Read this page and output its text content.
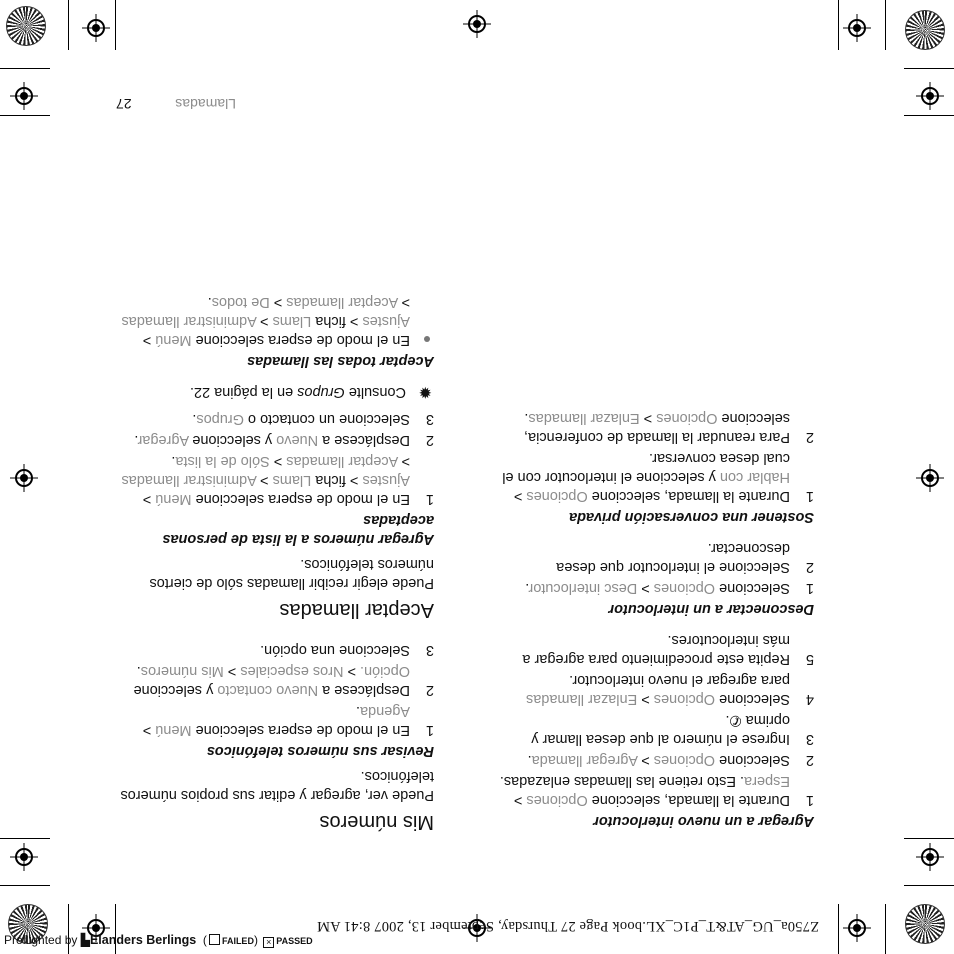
Llamadas
27
Mis números

Puede ver, agregar y editar sus propios números telefónicos.

Revisar sus números telefónicos
1
En el modo de espera seleccione Menú > Agenda.
2
Desplácese a Nuevo contacto y seleccione Opción. > Nros especiales > Mis números.
3
Seleccione una opción.
Aceptar llamadas

Puede elegir recibir llamadas sólo de ciertos números telefónicos.

Agregar números a la lista de personas aceptadas
1
En el modo de espera seleccione Menú > Ajustes > ficha Llams > Administrar llamadas > Aceptar llamadas > Sólo de la lista.
2
Desplácese a Nuevo y seleccione Agregar.
3
Seleccione un contacto o Grupos.
✹
Consulte Grupos en la página 22.
Aceptar todas las llamadas
En el modo de espera seleccione Menú > Ajustes > ficha Llams > Administrar llamadas > Aceptar llamadas > De todos.
Agregar a un nuevo interlocutor
1
Durante la llamada, seleccione Opciones > Espera. Esto retiene las llamadas enlazadas.
2
Seleccione Opciones > Agregar llamada.
3
Ingrese el número al que desea llamar y oprima ✆.
4
Seleccione Opciones > Enlazar llamadas para agregar el nuevo interlocutor.
5
Repita este procedimiento para agregar a más interlocutores.
Desconectar a un interlocutor
1
Seleccione Opciones > Desc interlocutor.
2
Seleccione el interlocutor que desea desconectar.
Sostener una conversación privada
1
Durante la llamada, seleccione Opciones > Hablar con y seleccione el interlocutor con el cual desea conversar.
2
Para reanudar la llamada de conferencia, seleccione Opciones > Enlazar llamadas.
Z750a_UG_AT&T_P1C_XL.book Page 27 Thursday, September 13, 2007 8:41 AM
Preflighted by ▙Elanders Berlings  ( FAILED) × PASSED
